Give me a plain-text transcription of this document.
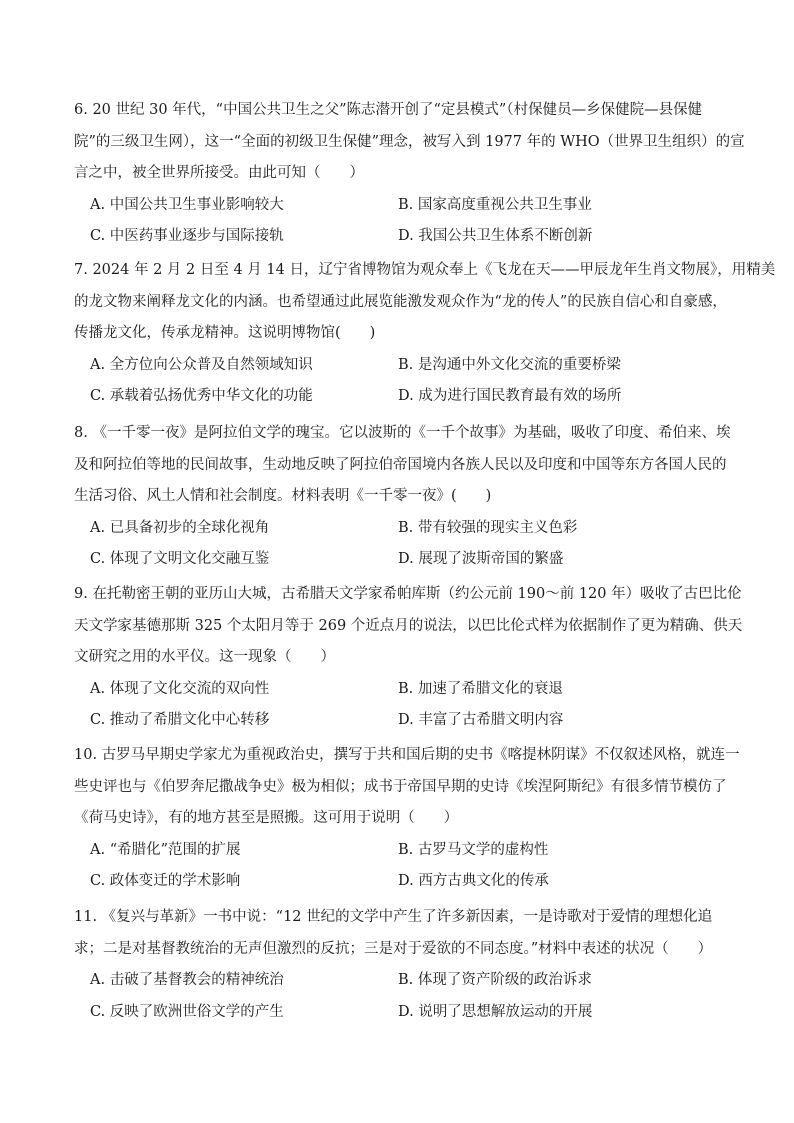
6. 20 世纪 30 年代，“中国公共卫生之父”陈志潜开创了“定县模式”（村保健员—乡保健院—县保健
院”的三级卫生网），这一“全面的初级卫生保健”理念，被写入到 1977 年的 WHO（世界卫生组织）的宣
言之中，被全世界所接受。由此可知（　　）
A. 中国公共卫生事业影响较大	B. 国家高度重视公共卫生事业
C. 中医药事业逐步与国际接轨	D. 我国公共卫生体系不断创新
7. 2024 年 2 月 2 日至 4 月 14 日，辽宁省博物馆为观众奉上《飞龙在天——甲辰龙年生肖文物展》，用精美
的龙文物来阐释龙文化的内涵。也希望通过此展览能激发观众作为“龙的传人”的民族自信心和自豪感，
传播龙文化，传承龙精神。这说明博物馆(　　)
A. 全方位向公众普及自然领域知识	B. 是沟通中外文化交流的重要桥梁
C. 承载着弘扬优秀中华文化的功能	D. 成为进行国民教育最有效的场所
8. 《一千零一夜》是阿拉伯文学的瑰宝。它以波斯的《一千个故事》为基础，吸收了印度、希伯来、埃
及和阿拉伯等地的民间故事，生动地反映了阿拉伯帝国境内各族人民以及印度和中国等东方各国人民的
生活习俗、风土人情和社会制度。材料表明《一千零一夜》(　　)
A. 已具备初步的全球化视角	B. 带有较强的现实主义色彩
C. 体现了文明文化交融互鉴	D. 展现了波斯帝国的繁盛
9. 在托勒密王朝的亚历山大城，古希腊天文学家希帕库斯（约公元前 190～前 120 年）吸收了古巴比伦
天文学家基德那斯 325 个太阳月等于 269 个近点月的说法，以巴比伦式样为依据制作了更为精确、供天
文研究之用的水平仪。这一现象（　　）
A. 体现了文化交流的双向性	B. 加速了希腊文化的衰退
C. 推动了希腊文化中心转移	D. 丰富了古希腊文明内容
10. 古罗马早期史学家尤为重视政治史，撰写于共和国后期的史书《喀提林阴谋》不仅叙述风格，就连一
些史评也与《伯罗奔尼撒战争史》极为相似；成书于帝国早期的史诗《埃涅阿斯纪》有很多情节模仿了
《荷马史诗》，有的地方甚至是照搬。这可用于说明（　　）
A. “希腊化”范围的扩展	B. 古罗马文学的虚构性
C. 政体变迁的学术影响	D. 西方古典文化的传承
11. 《复兴与革新》一书中说：“12 世纪的文学中产生了许多新因素，一是诗歌对于爱情的理想化追
求；二是对基督教统治的无声但激烈的反抗；三是对于爱欲的不同态度。”材料中表述的状况（　　）
A. 击破了基督教会的精神统治	B. 体现了资产阶级的政治诉求
C. 反映了欧洲世俗文学的产生	D. 说明了思想解放运动的开展
